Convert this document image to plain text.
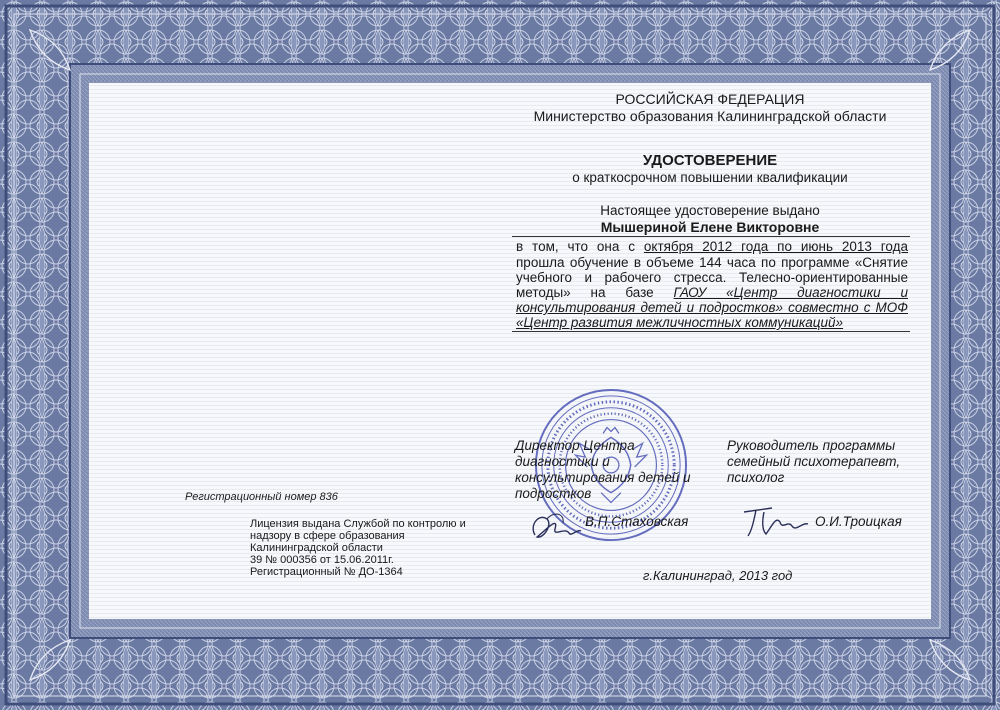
РОССИЙСКАЯ ФЕДЕРАЦИЯ
Министерство образования Калининградской области
УДОСТОВЕРЕНИЕ
о краткосрочном повышении квалификации
Настоящее удостоверение выдано
Мышериной Елене Викторовне
в том, что она с октября 2012 года по июнь 2013 года
прошла обучение в объеме 144 часа по программе «Снятие
учебного и рабочего стресса. Телесно-ориентированные
методы» на базе ГАОУ «Центр диагностики и
консультирования детей и подростков» совместно с МОФ
«Центр развития межличностных коммуникаций»
Директор Центра
диагностики и
консультирования детей и
подростков
Руководитель программы
семейный психотерапевт,
психолог
Регистрационный номер 836
В.П.Стаховская	О.И.Троицкая
Лицензия выдана Службой по контролю и
надзору в сфере образования
Калининградской области
39 № 000356 от 15.06.2011г.
Регистрационный № ДО-1364	г.Калининград, 2013 год
